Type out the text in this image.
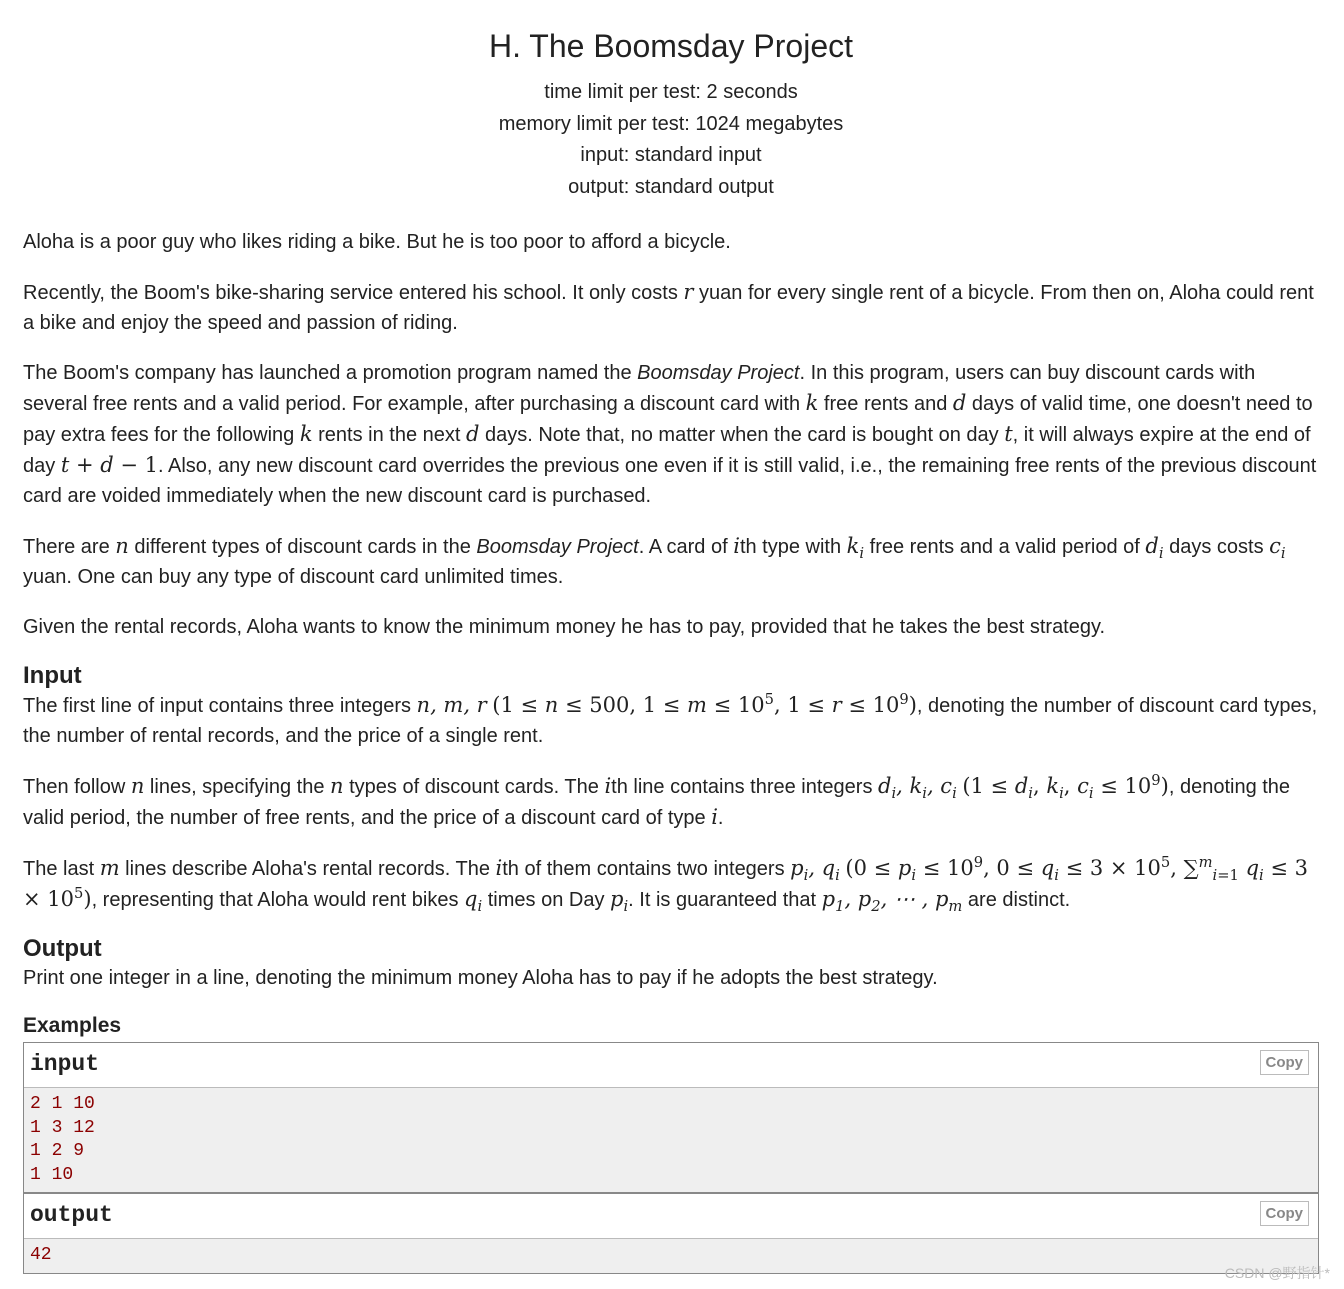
H. The Boomsday Project
time limit per test: 2 seconds
memory limit per test: 1024 megabytes
input: standard input
output: standard output
Aloha is a poor guy who likes riding a bike. But he is too poor to afford a bicycle.
Recently, the Boom's bike-sharing service entered his school. It only costs r yuan for every single rent of a bicycle. From then on, Aloha could rent a bike and enjoy the speed and passion of riding.
The Boom's company has launched a promotion program named the Boomsday Project. In this program, users can buy discount cards with several free rents and a valid period. For example, after purchasing a discount card with k free rents and d days of valid time, one doesn't need to pay extra fees for the following k rents in the next d days. Note that, no matter when the card is bought on day t, it will always expire at the end of day t + d − 1. Also, any new discount card overrides the previous one even if it is still valid, i.e., the remaining free rents of the previous discount card are voided immediately when the new discount card is purchased.
There are n different types of discount cards in the Boomsday Project. A card of ith type with $k_i$ free rents and a valid period of $d_i$ days costs $c_i$ yuan. One can buy any type of discount card unlimited times.
Given the rental records, Aloha wants to know the minimum money he has to pay, provided that he takes the best strategy.
Input
The first line of input contains three integers n, m, r (1 ≤ n ≤ 500, $1 \le m \le 10^5$, $1 \le r \le 10^9$), denoting the number of discount card types, the number of rental records, and the price of a single rent.
Then follow n lines, specifying the n types of discount cards. The ith line contains three integers $d_i$, $k_i$, $c_i$ ($1 \le d_i$, $k_i$, $c_i \le 10^9$), denoting the valid period, the number of free rents, and the price of a discount card of type i.
The last m lines describe Aloha's rental records. The ith of them contains two integers $p_i$, $q_i$ ($0 \le p_i \le 10^9$, $0 \le q_i \le 3 \times 10^5$, ∑$^m_{i=1}$ $q_i \le 3 \times 10^5$), representing that Aloha would rent bikes $q_i$ times on Day $p_i$. It is guaranteed that $p_1$, $p_2$, ⋯ , $p_m$ are distinct.
Output
Print one integer in a line, denoting the minimum money Aloha has to pay if he adopts the best strategy.
Examples
input	Copy
2 1 10
1 3 12
1 2 9
1 10
output	Copy
42
CSDN @野指针*
